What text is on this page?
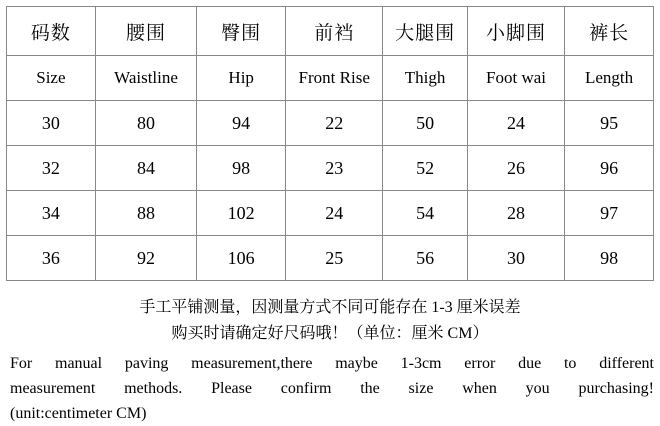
码数	腰围	臀围	前裆	大腿围	小脚围	裤长
Size	Waistline	Hip	Front Rise	Thigh	Foot wai	Length
30	80	94	22	50	24	95
32	84	98	23	52	26	96
34	88	102	24	54	28	97
36	92	106	25	56	30	98
手工平铺测量，因测量方式不同可能存在 1-3 厘米误差
购买时请确定好尺码哦！（单位：厘米 CM）
For manual paving measurement,there maybe 1-3cm error due to different
measurement methods. Please confirm the size when you purchasing!
(unit:centimeter CM)
